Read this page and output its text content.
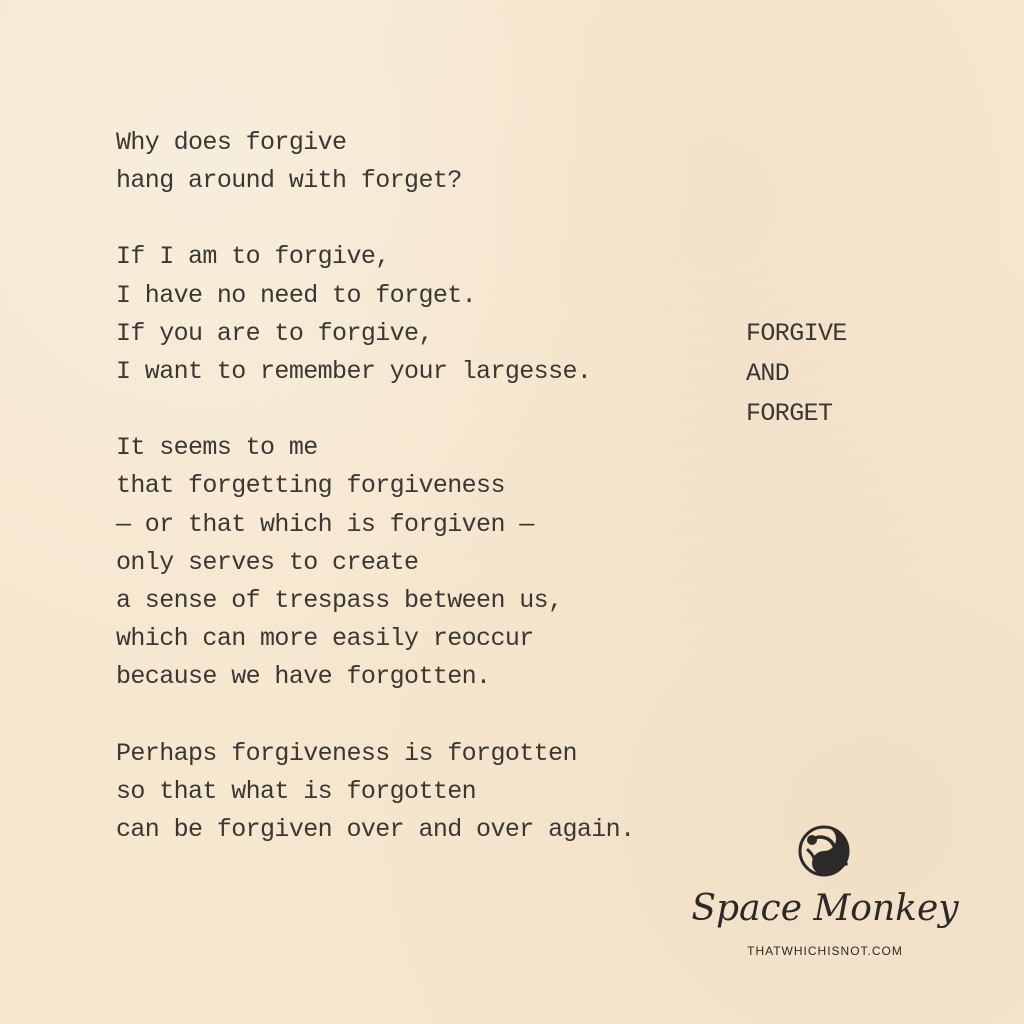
Why does forgive
hang around with forget?
If I am to forgive,
I have no need to forget.
If you are to forgive,
I want to remember your largesse.
It seems to me
that forgetting forgiveness
— or that which is forgiven —
only serves to create
a sense of trespass between us,
which can more easily reoccur
because we have forgotten.
Perhaps forgiveness is forgotten
so that what is forgotten
can be forgiven over and over again.
FORGIVE
AND
FORGET
Space Monkey
THATWHICHISNOT.COM
